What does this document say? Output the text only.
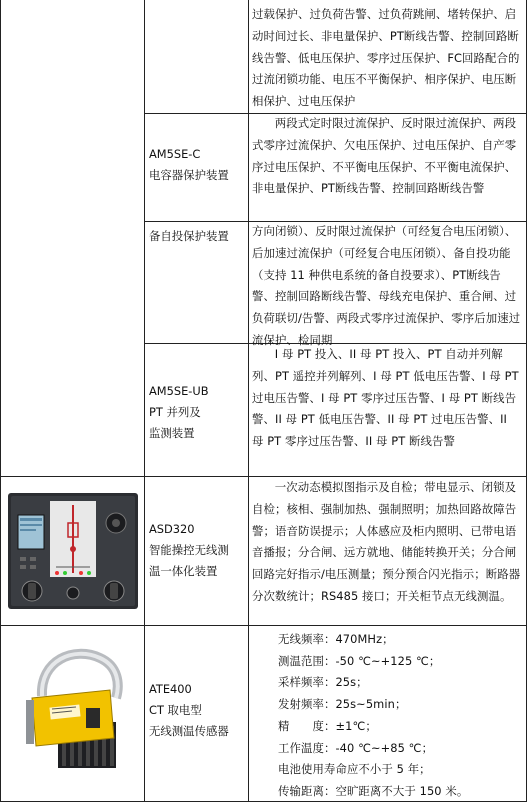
过载保护、过负荷告警、过负荷跳闸、堵转保护、启动时间过长、非电量保护、PT断线告警、控制回路断线告警、低电压保护、零序过压保护、FC回路配合的过流闭锁功能、电压不平衡保护、相序保护、电压断相保护、过电压保护
AM5SE-C
电容器保护装置
两段式定时限过流保护、反时限过流保护、两段式零序过流保护、欠电压保护、过电压保护、自产零序过电压保护、不平衡电压保护、不平衡电流保护、非电量保护、PT断线告警、控制回路断线告警
备自投保护装置	方向闭锁）、反时限过流保护（可经复合电压闭锁）、后加速过流保护（可经复合电压闭锁）、备自投功能（支持 11 种供电系统的备自投要求）、PT断线告警、控制回路断线告警、母线充电保护、重合闸、过负荷联切/告警、两段式零序过流保护、零序后加速过流保护、检同期
AM5SE-UB
PT 并列及
监测装置
I 母 PT 投入、II 母 PT 投入、PT 自动并列解列、PT 遥控并列解列、I 母 PT 低电压告警、I 母 PT 过电压告警、I 母 PT 零序过压告警、I 母 PT 断线告警、II 母 PT 低电压告警、II 母 PT 过电压告警、II 母 PT 零序过压告警、II 母 PT 断线告警
ASD320
智能操控无线测
温一体化装置
一次动态模拟图指示及自检；带电显示、闭锁及自检；核相、强制加热、强制照明；加热回路故障告警；语音防误提示；人体感应及柜内照明、已带电语音播报；分合闸、远方就地、储能转换开关；分合闸回路完好指示/电压测量；预分预合闪光指示；断路器分次数统计；RS485 接口；开关柜节点无线测温。
ATE400
CT 取电型
无线测温传感器
无线频率：470MHz；
测温范围：-50 ℃~+125 ℃；
采样频率：25s；
发射频率：25s~5min；
精　　度：±1℃；
工作温度：-40 ℃~+85 ℃；
电池使用寿命应不小于 5 年；
传输距离：空旷距离不大于 150 米。
